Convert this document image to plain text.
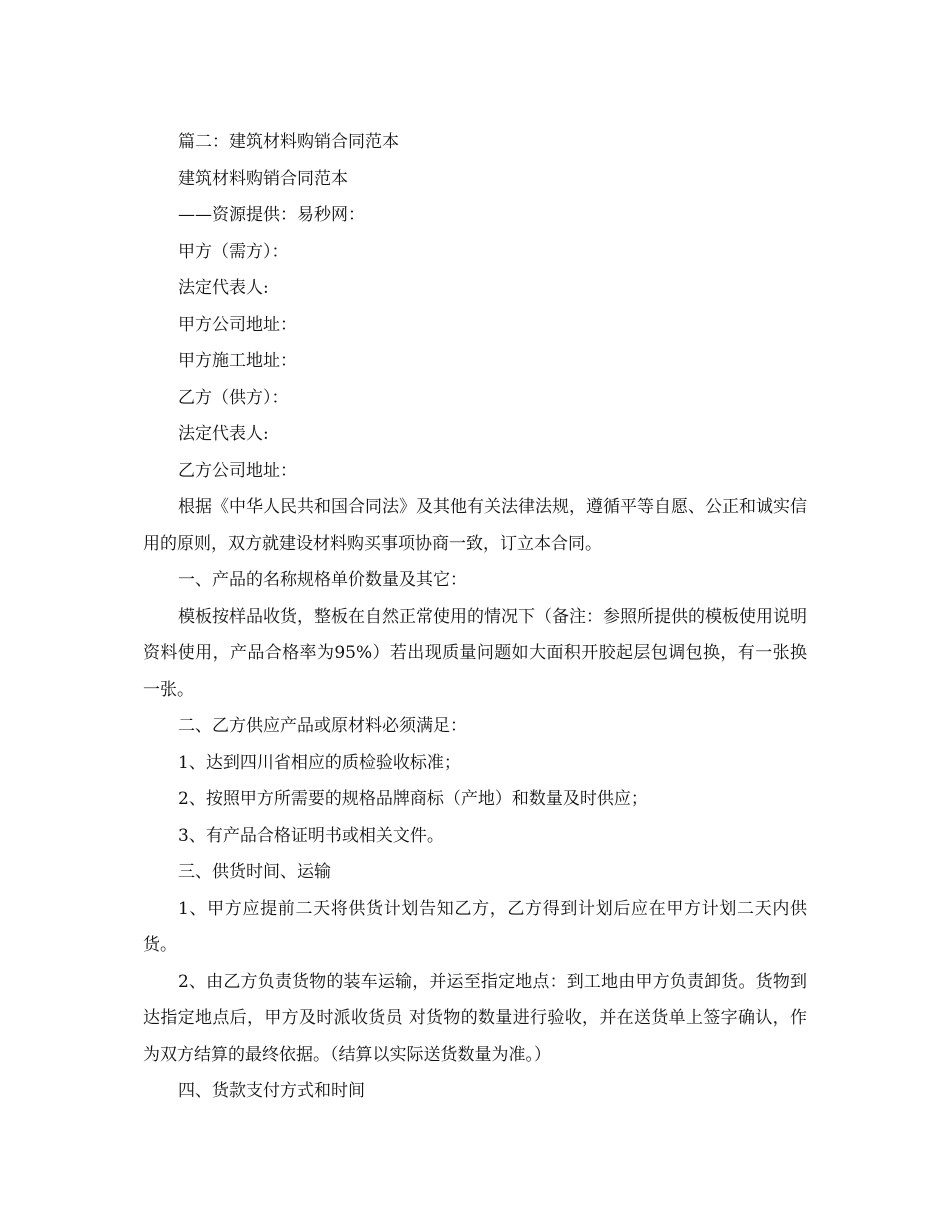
篇二：建筑材料购销合同范本

建筑材料购销合同范本

——资源提供：易秒网：

甲方（需方）：

法定代表人:

甲方公司地址：

甲方施工地址：

乙方（供方）：

法定代表人:

乙方公司地址：

根据《中华人民共和国合同法》及其他有关法律法规，遵循平等自愿、公正和诚实信用的原则，双方就建设材料购买事项协商一致，订立本合同。

一、产品的名称规格单价数量及其它：

模板按样品收货，整板在自然正常使用的情况下（备注：参照所提供的模板使用说明资料使用，产品合格率为95%）若出现质量问题如大面积开胶起层包调包换，有一张换一张。

二、乙方供应产品或原材料必须满足：

1、达到四川省相应的质检验收标准；

2、按照甲方所需要的规格品牌商标（产地）和数量及时供应；

3、有产品合格证明书或相关文件。

三、供货时间、运输

1、甲方应提前二天将供货计划告知乙方，乙方得到计划后应在甲方计划二天内供货。

2、由乙方负责货物的装车运输，并运至指定地点：到工地由甲方负责卸货。货物到达指定地点后，甲方及时派收货员 对货物的数量进行验收，并在送货单上签字确认，作为双方结算的最终依据。（结算以实际送货数量为准。）

四、货款支付方式和时间
